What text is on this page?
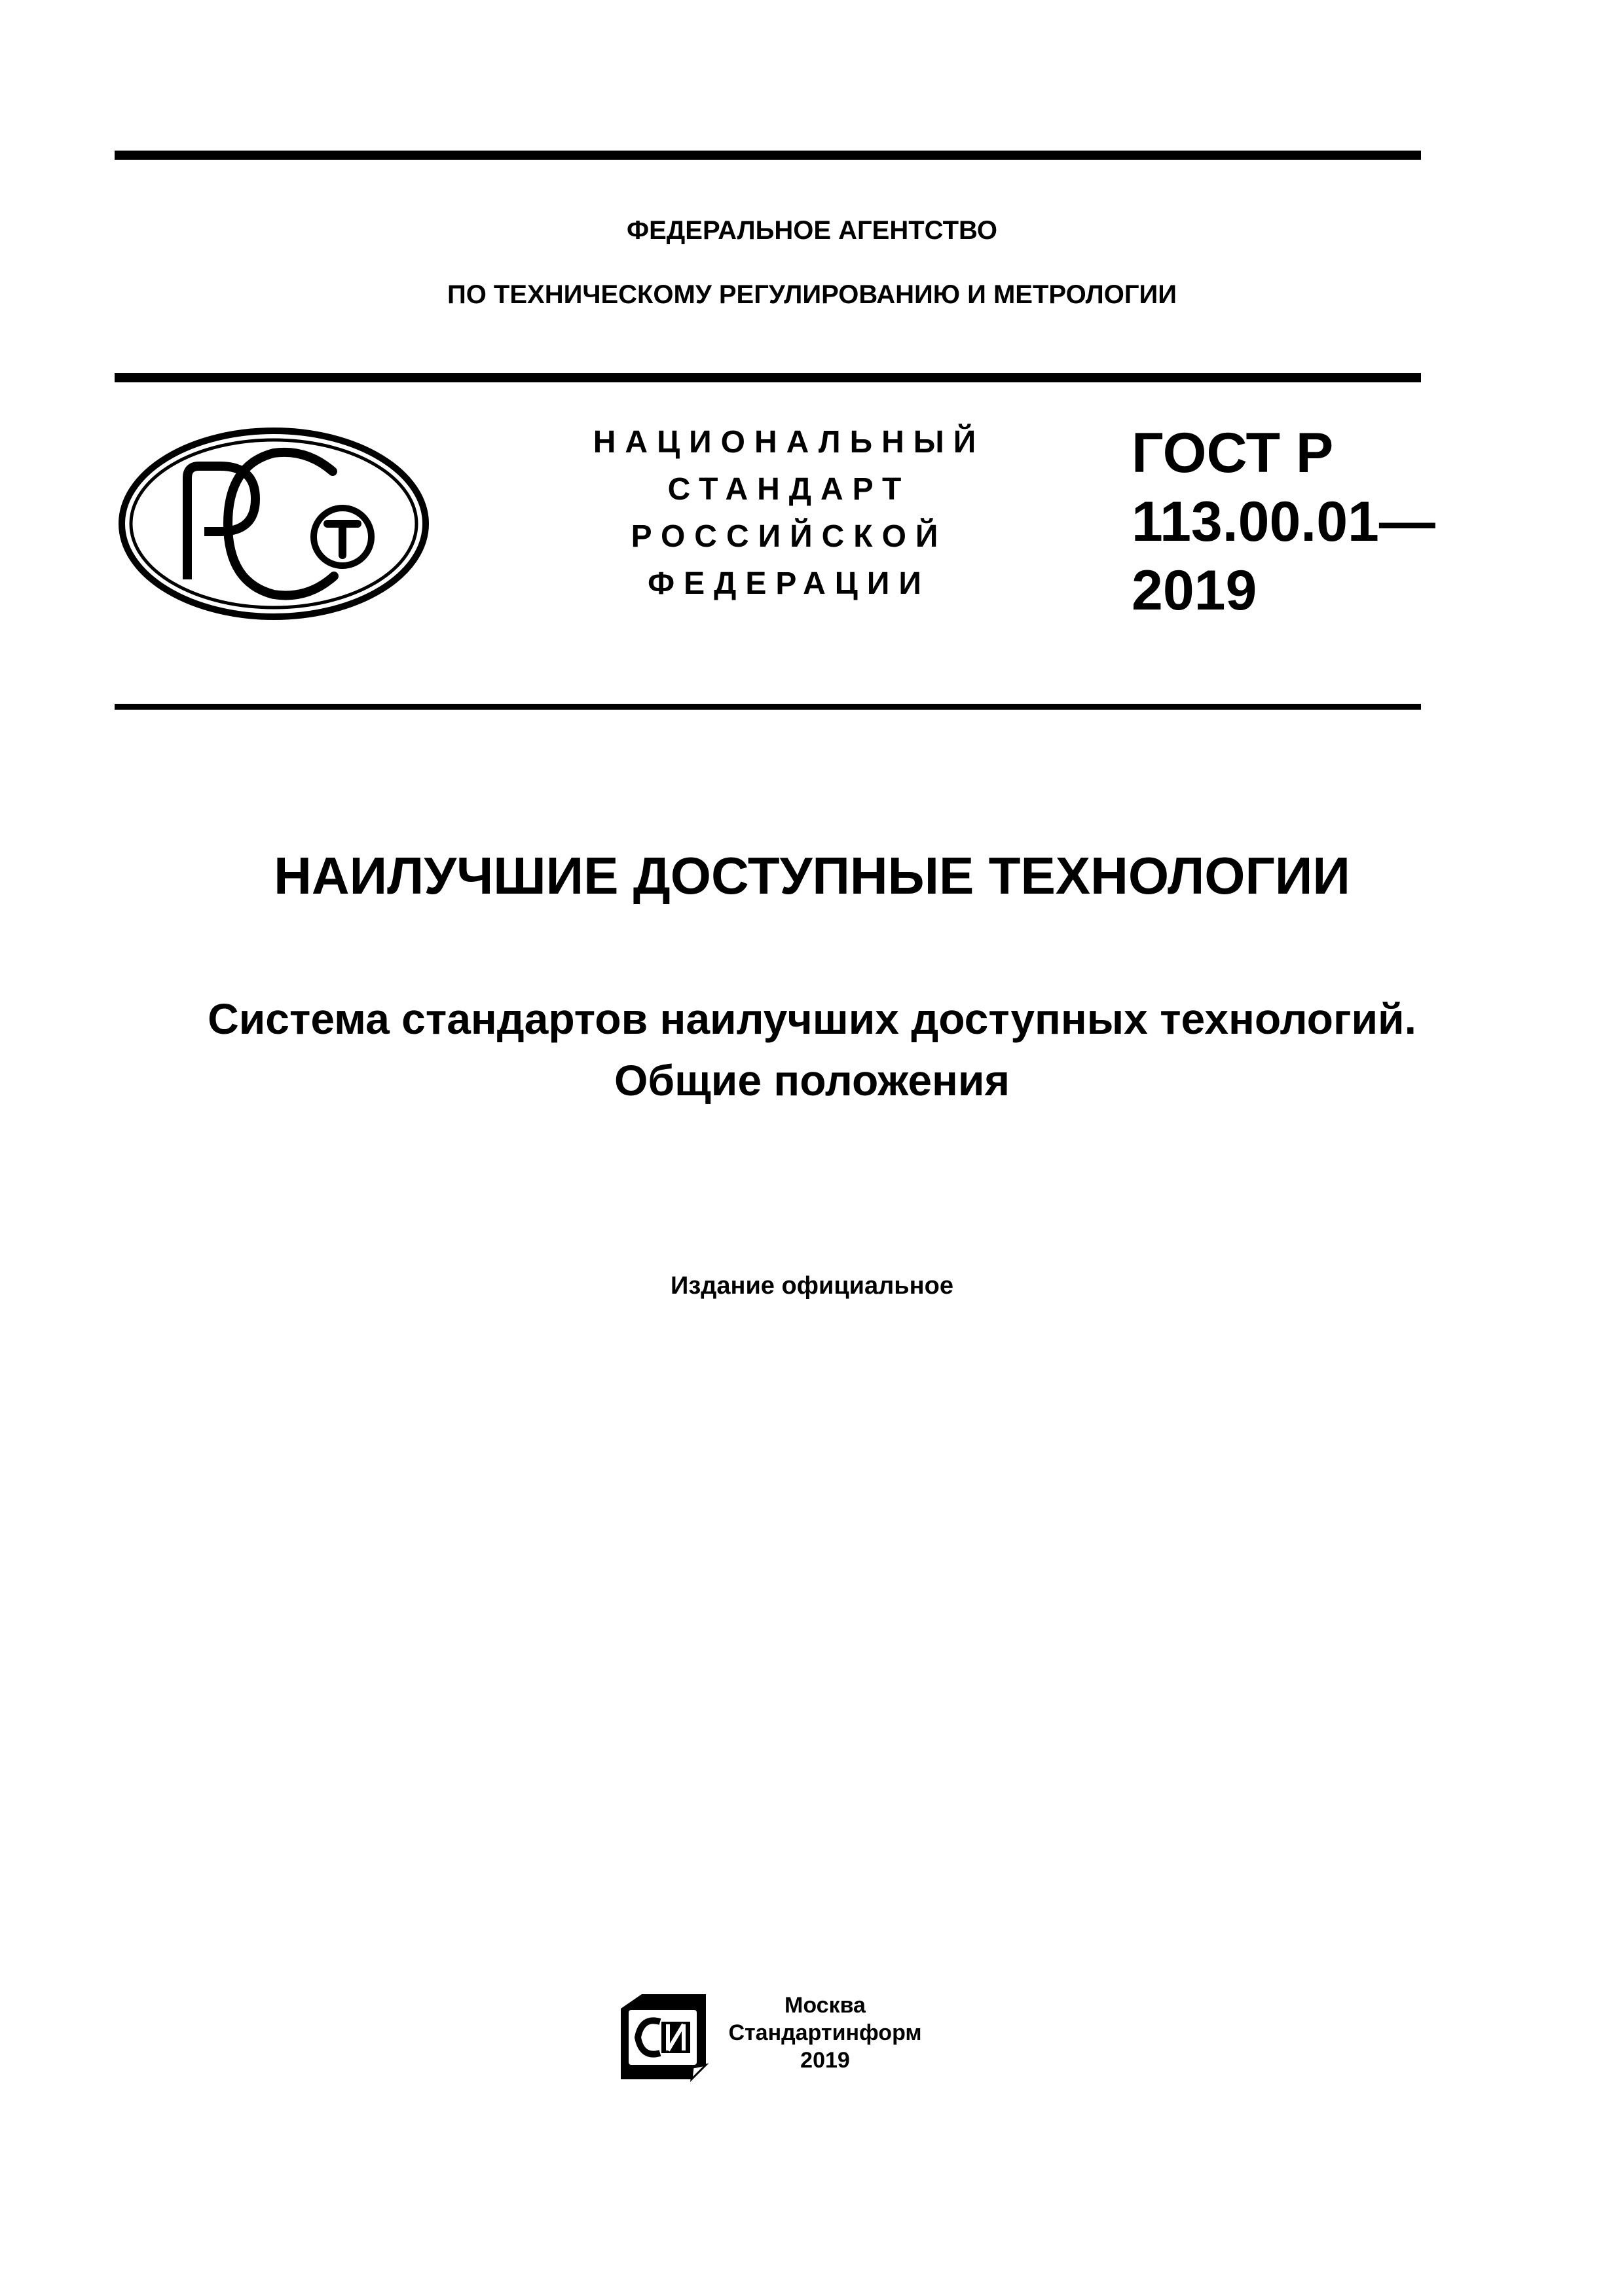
ФЕДЕРАЛЬНОЕ АГЕНТСТВО
ПО ТЕХНИЧЕСКОМУ РЕГУЛИРОВАНИЮ И МЕТРОЛОГИИ
НАЦИОНАЛЬНЫЙ
СТАНДАРТ
РОССИЙСКОЙ
ФЕДЕРАЦИИ
ГОСТ Р
113.00.01—
2019
НАИЛУЧШИЕ ДОСТУПНЫЕ ТЕХНОЛОГИИ
Система стандартов наилучших доступных технологий.
Общие положения
Издание официальное
Москва
Стандартинформ
2019
